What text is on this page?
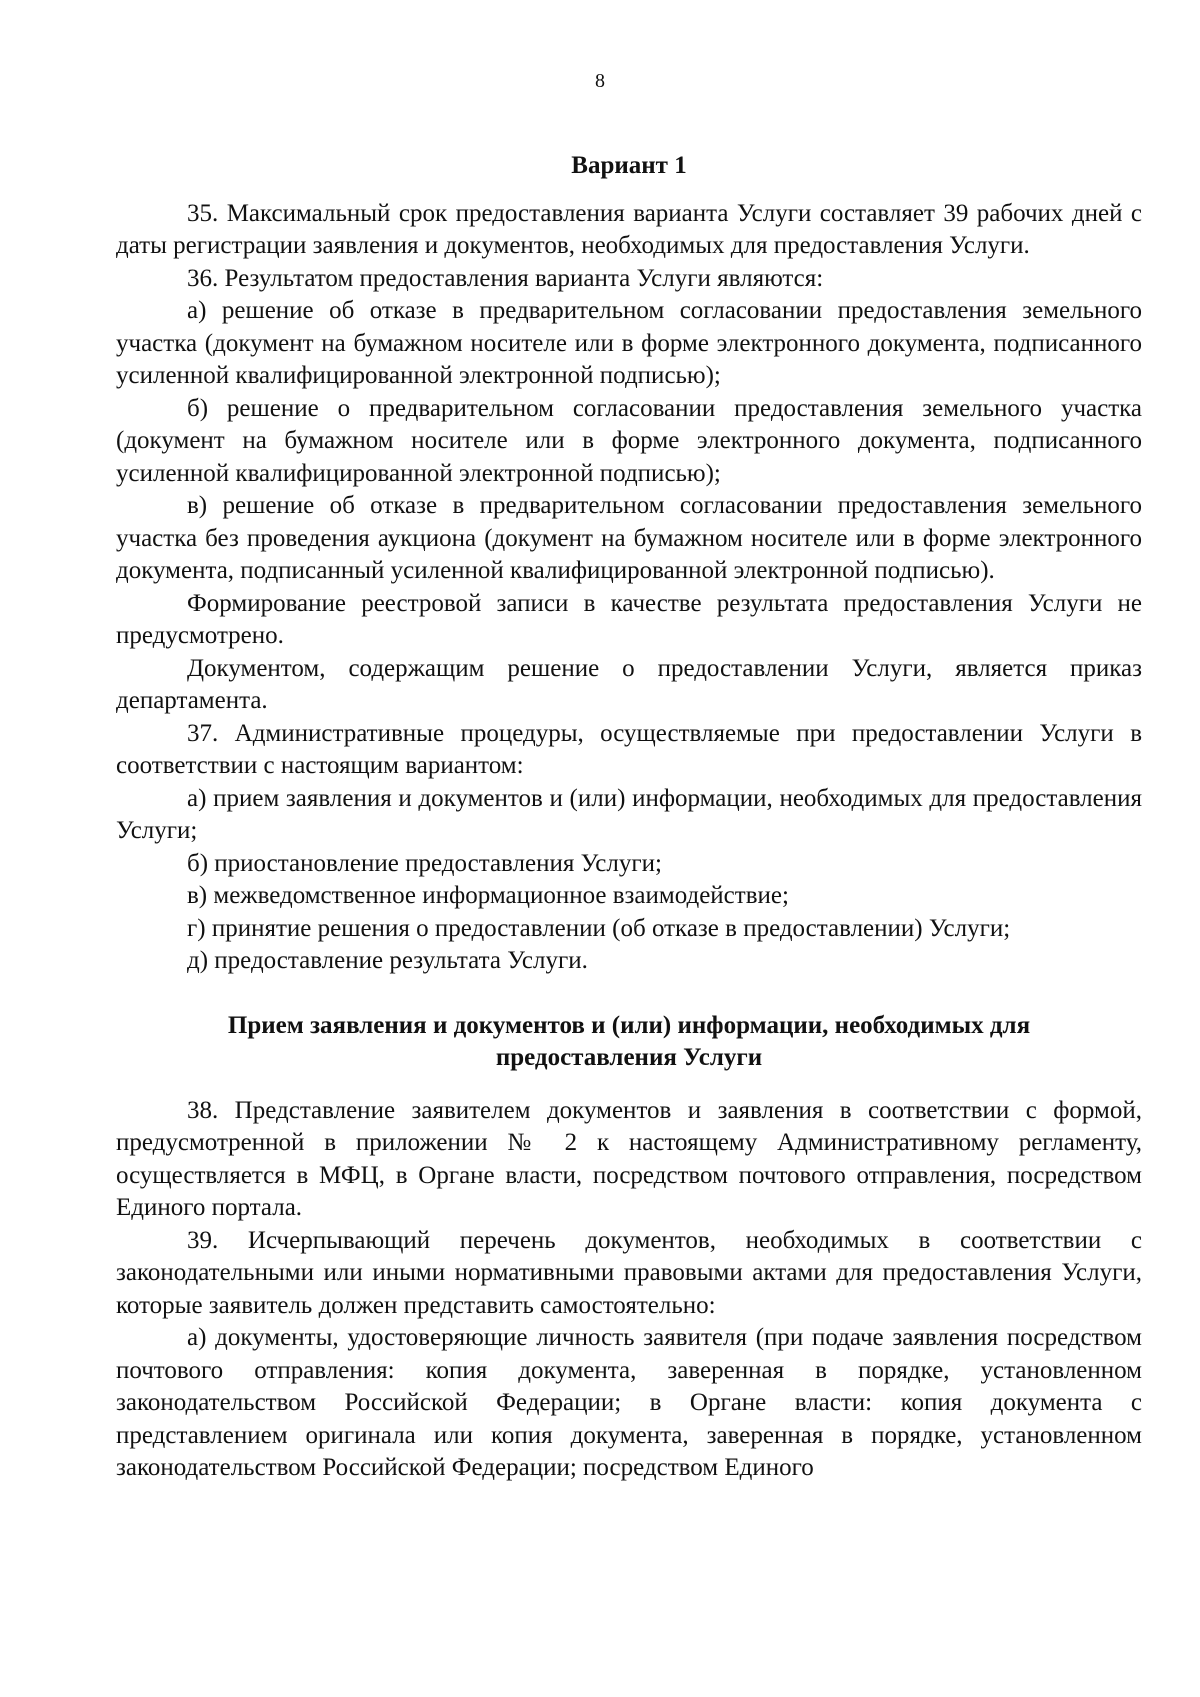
8
Вариант 1

35. Максимальный срок предоставления варианта Услуги составляет 39 рабочих дней с даты регистрации заявления и документов, необходимых для предоставления Услуги.

36. Результатом предоставления варианта Услуги являются:

а) решение об отказе в предварительном согласовании предоставления земельного участка (документ на бумажном носителе или в форме электронного документа, подписанного усиленной квалифицированной электронной подписью);

б) решение о предварительном согласовании предоставления земельного участка (документ на бумажном носителе или в форме электронного документа, подписанного усиленной квалифицированной электронной подписью);

в) решение об отказе в предварительном согласовании предоставления земельного участка без проведения аукциона (документ на бумажном носителе или в форме электронного документа, подписанный усиленной квалифицированной электронной подписью).

Формирование реестровой записи в качестве результата предоставления Услуги не предусмотрено.

Документом, содержащим решение о предоставлении Услуги, является приказ департамента.

37. Административные процедуры, осуществляемые при предоставлении Услуги в соответствии с настоящим вариантом:

а) прием заявления и документов и (или) информации, необходимых для предоставления Услуги;

б) приостановление предоставления Услуги;

в) межведомственное информационное взаимодействие;

г) принятие решения о предоставлении (об отказе в предоставлении) Услуги;

д) предоставление результата Услуги.

Прием заявления и документов и (или) информации, необходимых для предоставления Услуги

38. Представление заявителем документов и заявления в соответствии с формой, предусмотренной в приложении № 2 к настоящему Административному регламенту, осуществляется в МФЦ, в Органе власти, посредством почтового отправления, посредством Единого портала.

39. Исчерпывающий перечень документов, необходимых в соответствии с законодательными или иными нормативными правовыми актами для предоставления Услуги, которые заявитель должен представить самостоятельно:

а) документы, удостоверяющие личность заявителя (при подаче заявления посредством почтового отправления: копия документа, заверенная в порядке, установленном законодательством Российской Федерации; в Органе власти: копия документа с представлением оригинала или копия документа, заверенная в порядке, установленном законодательством Российской Федерации; посредством Единого
